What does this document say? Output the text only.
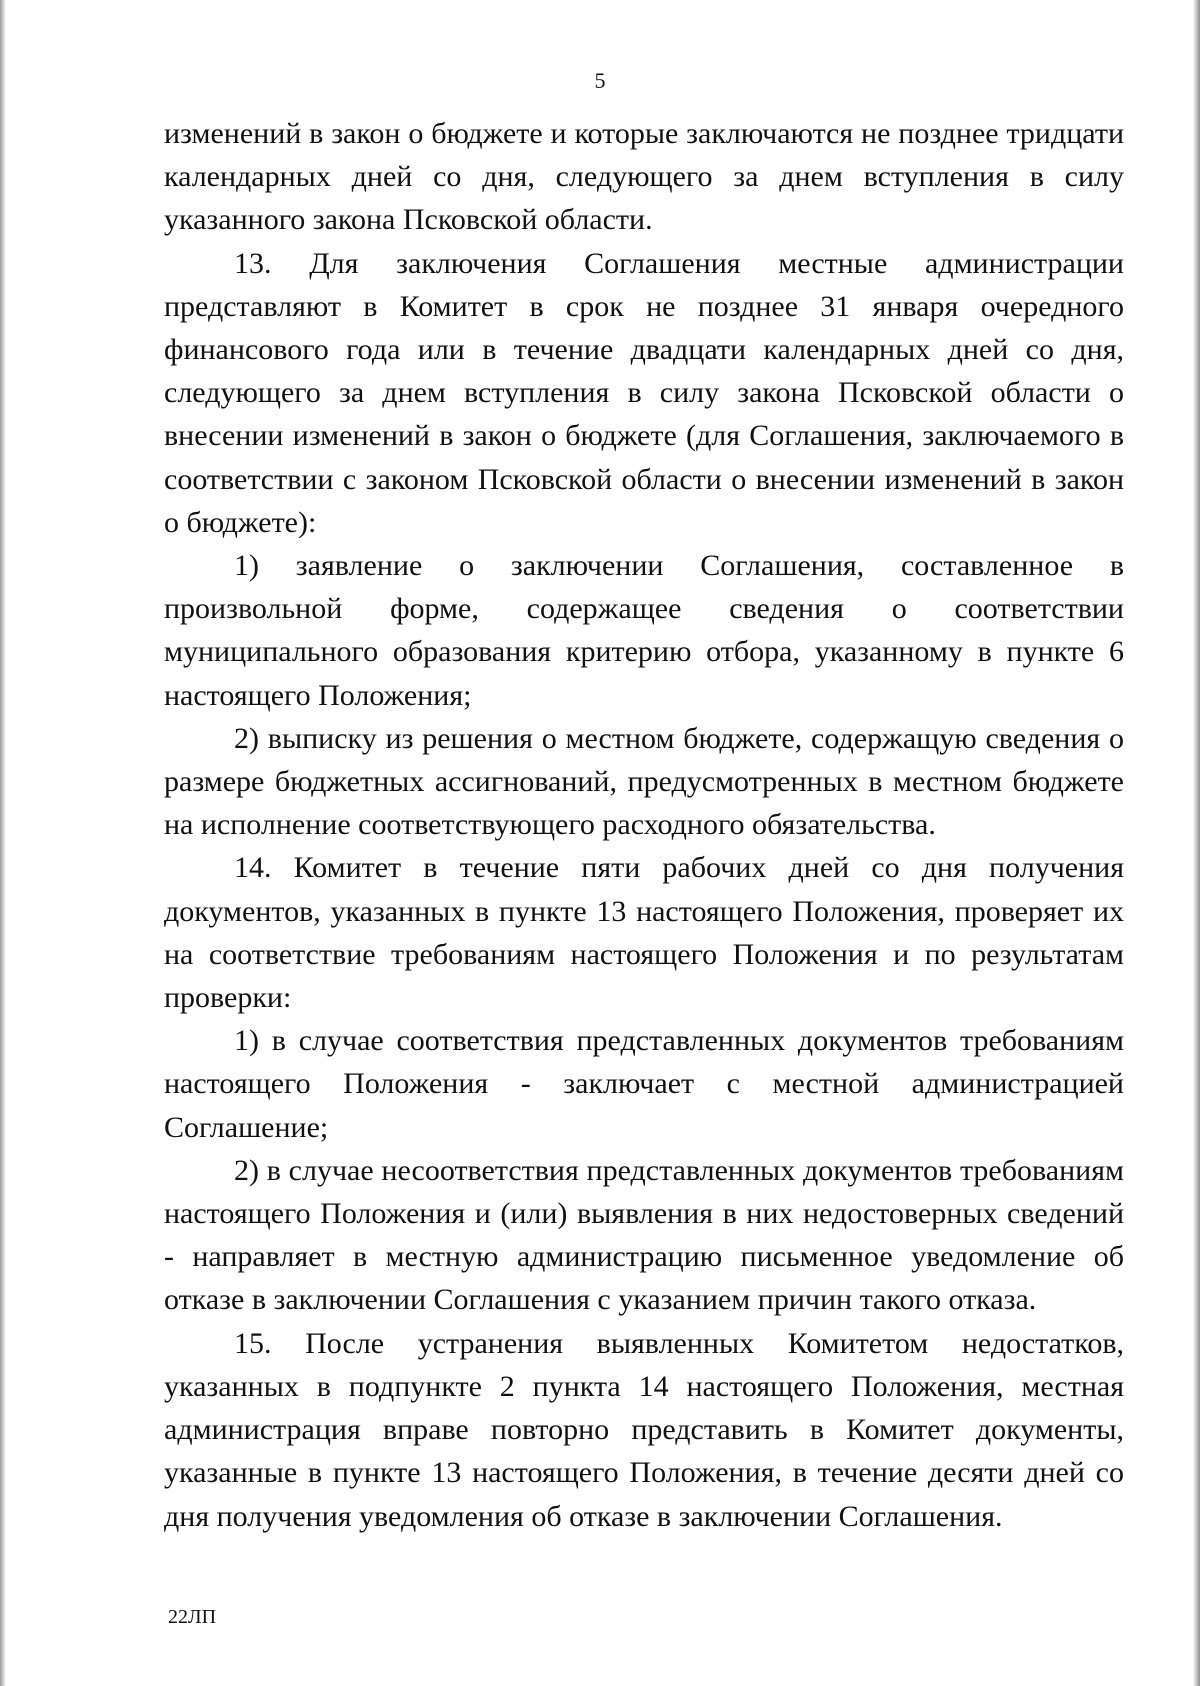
5

изменений в закон о бюджете и которые заключаются не позднее тридцати календарных дней со дня, следующего за днем вступления в силу указанного закона Псковской области.

13. Для заключения Соглашения местные администрации представляют в Комитет в срок не позднее 31 января очередного финансового года или в течение двадцати календарных дней со дня, следующего за днем вступления в силу закона Псковской области о внесении изменений в закон о бюджете (для Соглашения, заключаемого в соответствии с законом Псковской области о внесении изменений в закон о бюджете):

1) заявление о заключении Соглашения, составленное в произвольной форме, содержащее сведения о соответствии муниципального образования критерию отбора, указанному в пункте 6 настоящего Положения;

2) выписку из решения о местном бюджете, содержащую сведения о размере бюджетных ассигнований, предусмотренных в местном бюджете на исполнение соответствующего расходного обязательства.

14. Комитет в течение пяти рабочих дней со дня получения документов, указанных в пункте 13 настоящего Положения, проверяет их на соответствие требованиям настоящего Положения и по результатам проверки:

1) в случае соответствия представленных документов требованиям настоящего Положения - заключает с местной администрацией Соглашение;

2) в случае несоответствия представленных документов требованиям настоящего Положения и (или) выявления в них недостоверных сведений - направляет в местную администрацию письменное уведомление об отказе в заключении Соглашения с указанием причин такого отказа.

15. После устранения выявленных Комитетом недостатков, указанных в подпункте 2 пункта 14 настоящего Положения, местная администрация вправе повторно представить в Комитет документы, указанные в пункте 13 настоящего Положения, в течение десяти дней со дня получения уведомления об отказе в заключении Соглашения.

22ЛП
